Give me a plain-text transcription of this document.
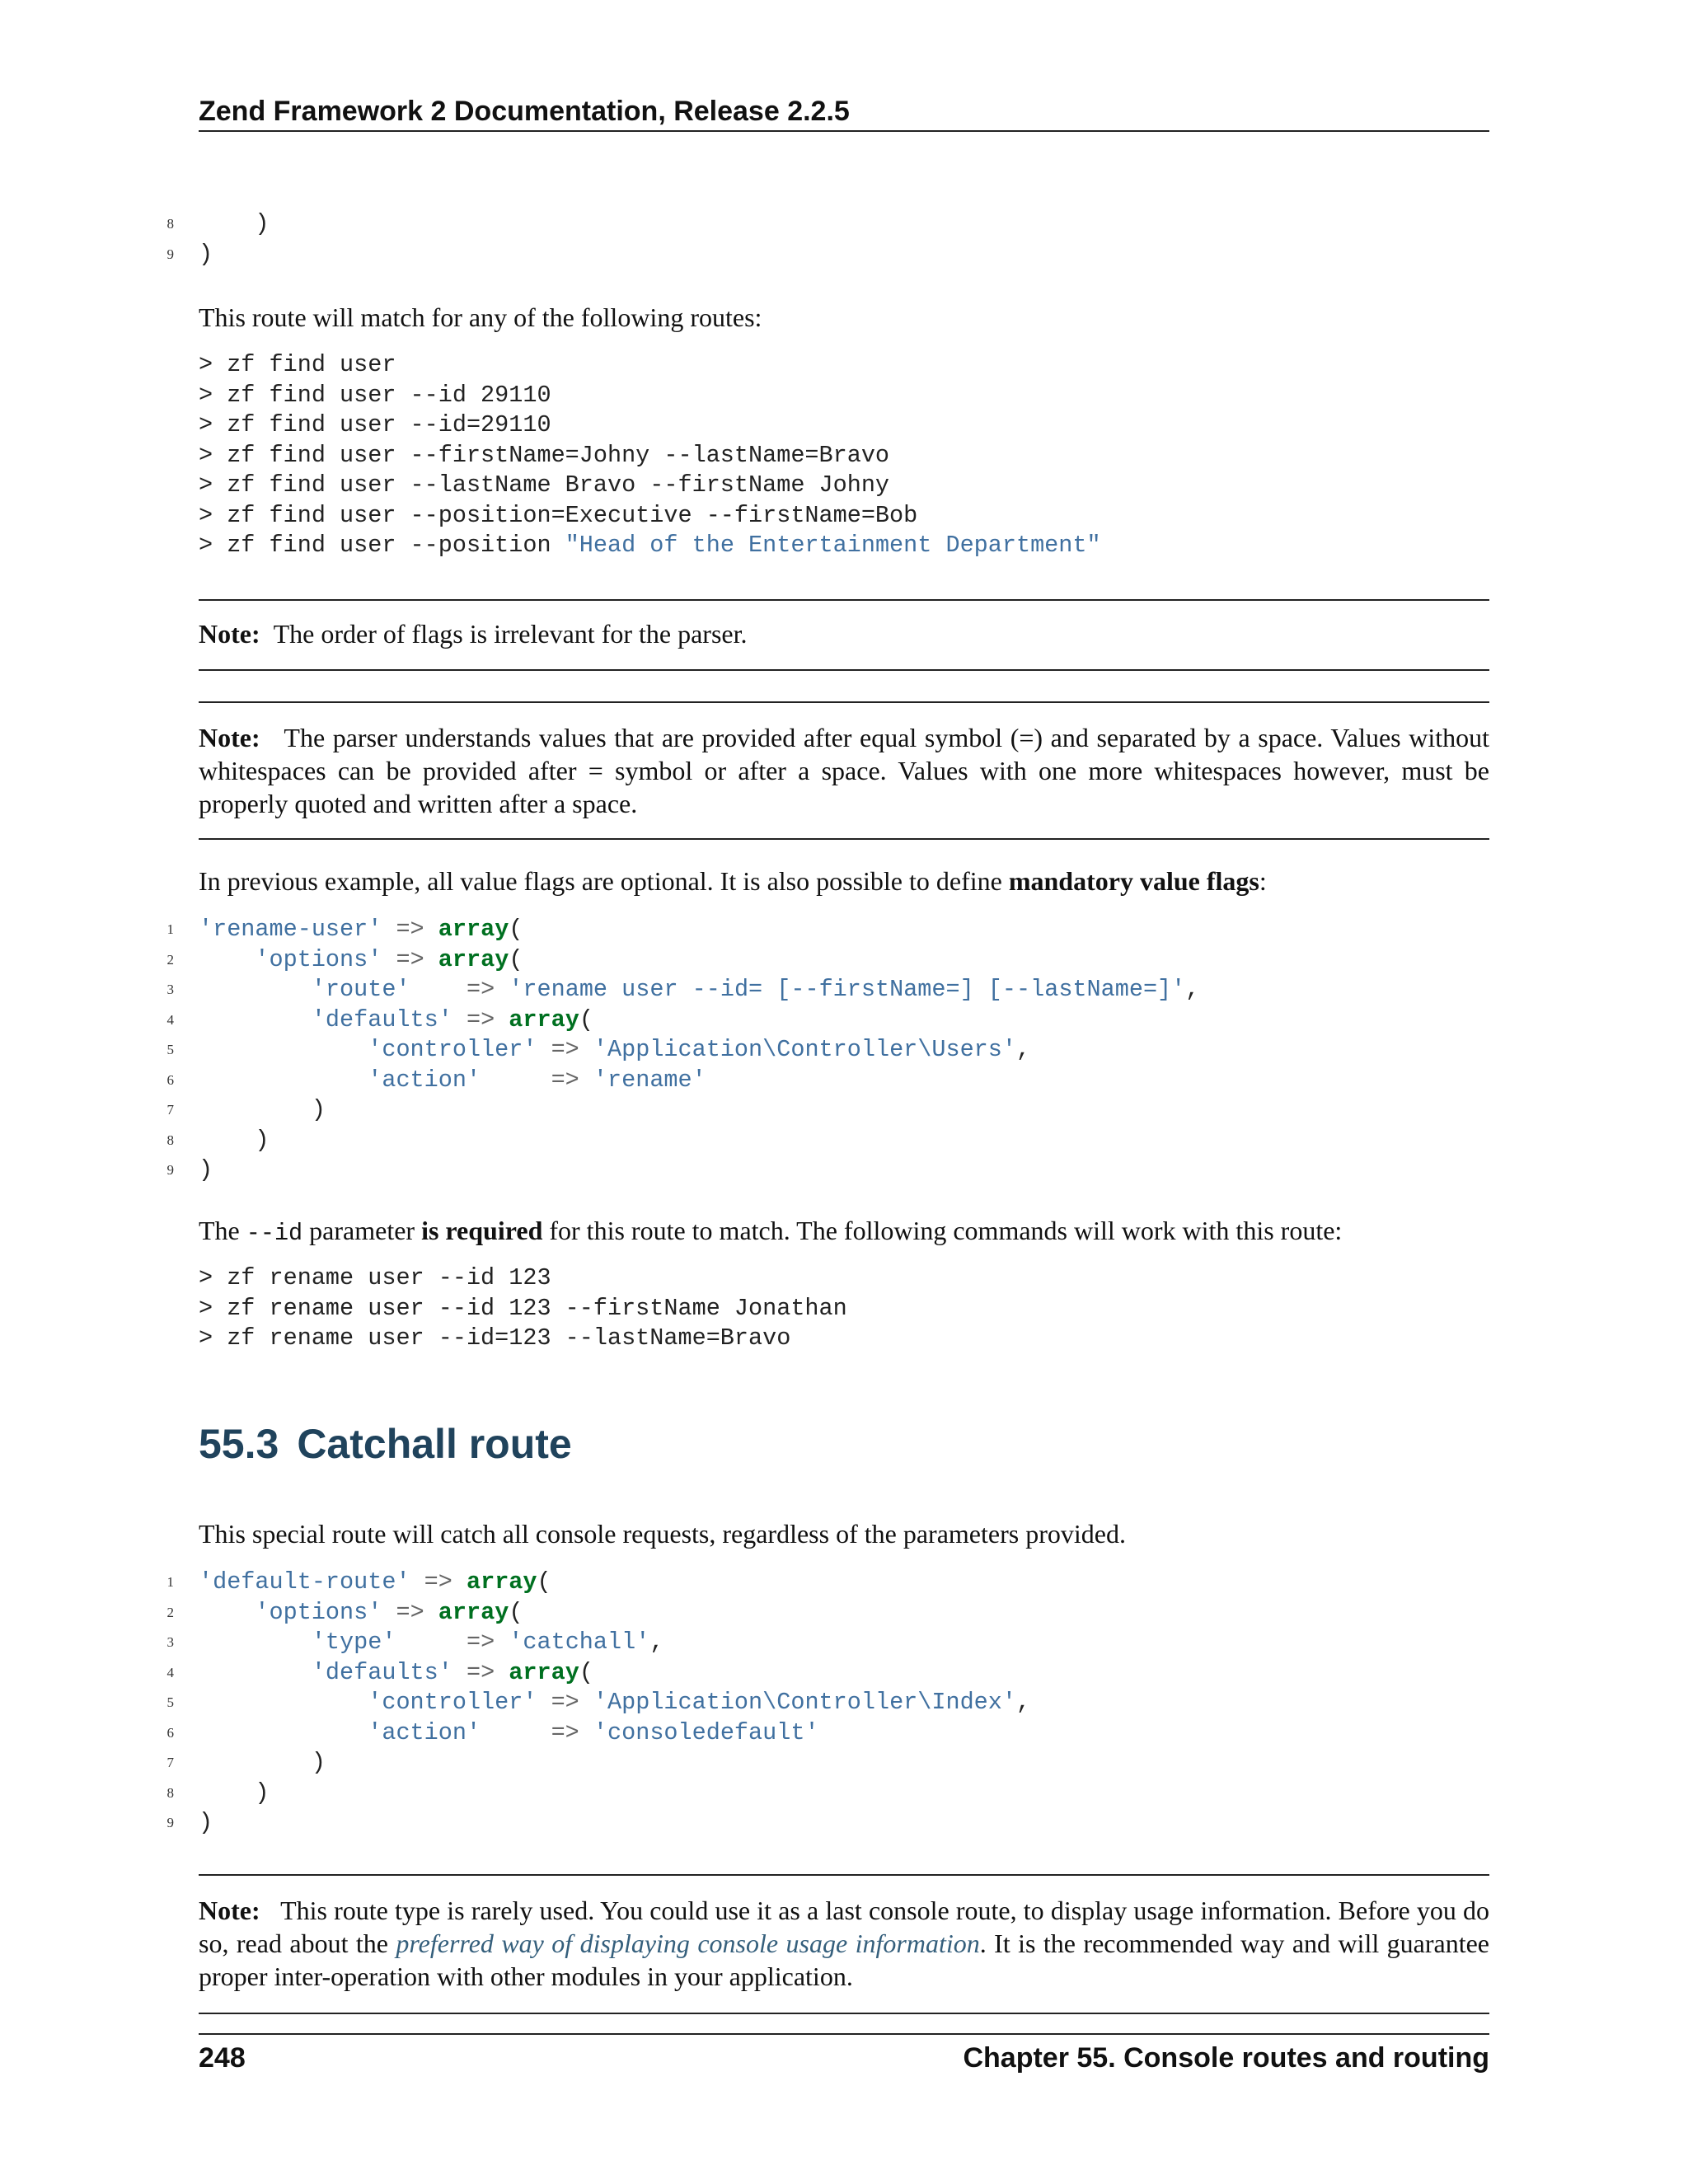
Zend Framework 2 Documentation, Release 2.2.5
8 )
9 )
This route will match for any of the following routes:
> zf find user
> zf find user --id 29110
> zf find user --id=29110
> zf find user --firstName=Johny --lastName=Bravo
> zf find user --lastName Bravo --firstName Johny
> zf find user --position=Executive --firstName=Bob
> zf find user --position "Head of the Entertainment Department"
Note: The order of flags is irrelevant for the parser.
Note: The parser understands values that are provided after equal symbol (=) and separated by a space. Values without whitespaces can be provided after = symbol or after a space. Values with one more whitespaces however, must be properly quoted and written after a space.
In previous example, all value flags are optional. It is also possible to define mandatory value flags:
1 'rename-user' => array(
2	'options' => array(
3	'route' => 'rename user --id= [--firstName=] [--lastName=]',
4	'defaults' => array(
5	'controller' => 'Application\Controller\Users',
6	'action'	=> 'rename'
7	)
8	)
9 )
The --id parameter is required for this route to match. The following commands will work with this route:
> zf rename user --id 123
> zf rename user --id 123 --firstName Jonathan
> zf rename user --id=123 --lastName=Bravo
55.3 Catchall route
This special route will catch all console requests, regardless of the parameters provided.
1 'default-route' => array(
2	'options' => array(
3	'type'	=> 'catchall',
4	'defaults' => array(
5	'controller' => 'Application\Controller\Index',
6	'action'	=> 'consoledefault'
7	)
8	)
9 )
Note: This route type is rarely used. You could use it as a last console route, to display usage information. Before you do so, read about the preferred way of displaying console usage information. It is the recommended way and will guarantee proper inter-operation with other modules in your application.
248	Chapter 55. Console routes and routing
